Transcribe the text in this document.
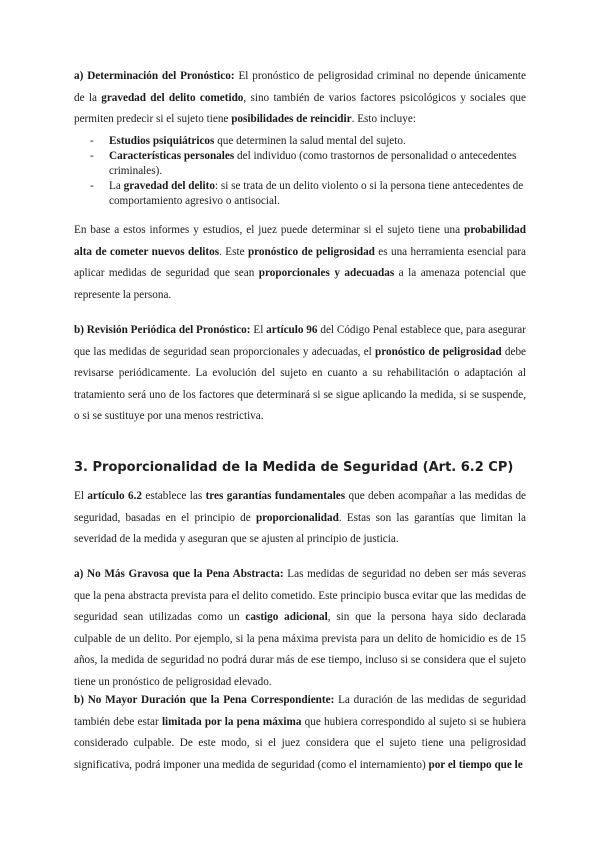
a) Determinación del Pronóstico: El pronóstico de peligrosidad criminal no depende únicamente de la gravedad del delito cometido, sino también de varios factores psicológicos y sociales que permiten predecir si el sujeto tiene posibilidades de reincidir. Esto incluye:

- Estudios psiquiátricos que determinen la salud mental del sujeto.
- Características personales del individuo (como trastornos de personalidad o antecedentes criminales).
- La gravedad del delito: si se trata de un delito violento o si la persona tiene antecedentes de comportamiento agresivo o antisocial.

En base a estos informes y estudios, el juez puede determinar si el sujeto tiene una probabilidad alta de cometer nuevos delitos. Este pronóstico de peligrosidad es una herramienta esencial para aplicar medidas de seguridad que sean proporcionales y adecuadas a la amenaza potencial que represente la persona.

b) Revisión Periódica del Pronóstico: El artículo 96 del Código Penal establece que, para asegurar que las medidas de seguridad sean proporcionales y adecuadas, el pronóstico de peligrosidad debe revisarse periódicamente. La evolución del sujeto en cuanto a su rehabilitación o adaptación al tratamiento será uno de los factores que determinará si se sigue aplicando la medida, si se suspende, o si se sustituye por una menos restrictiva.

3. Proporcionalidad de la Medida de Seguridad (Art. 6.2 CP)

El artículo 6.2 establece las tres garantías fundamentales que deben acompañar a las medidas de seguridad, basadas en el principio de proporcionalidad. Estas son las garantías que limitan la severidad de la medida y aseguran que se ajusten al principio de justicia.

a) No Más Gravosa que la Pena Abstracta: Las medidas de seguridad no deben ser más severas que la pena abstracta prevista para el delito cometido. Este principio busca evitar que las medidas de seguridad sean utilizadas como un castigo adicional, sin que la persona haya sido declarada culpable de un delito. Por ejemplo, si la pena máxima prevista para un delito de homicidio es de 15 años, la medida de seguridad no podrá durar más de ese tiempo, incluso si se considera que el sujeto tiene un pronóstico de peligrosidad elevado.

b) No Mayor Duración que la Pena Correspondiente: La duración de las medidas de seguridad también debe estar limitada por la pena máxima que hubiera correspondido al sujeto si se hubiera considerado culpable. De este modo, si el juez considera que el sujeto tiene una peligrosidad significativa, podrá imponer una medida de seguridad (como el internamiento) por el tiempo que le
